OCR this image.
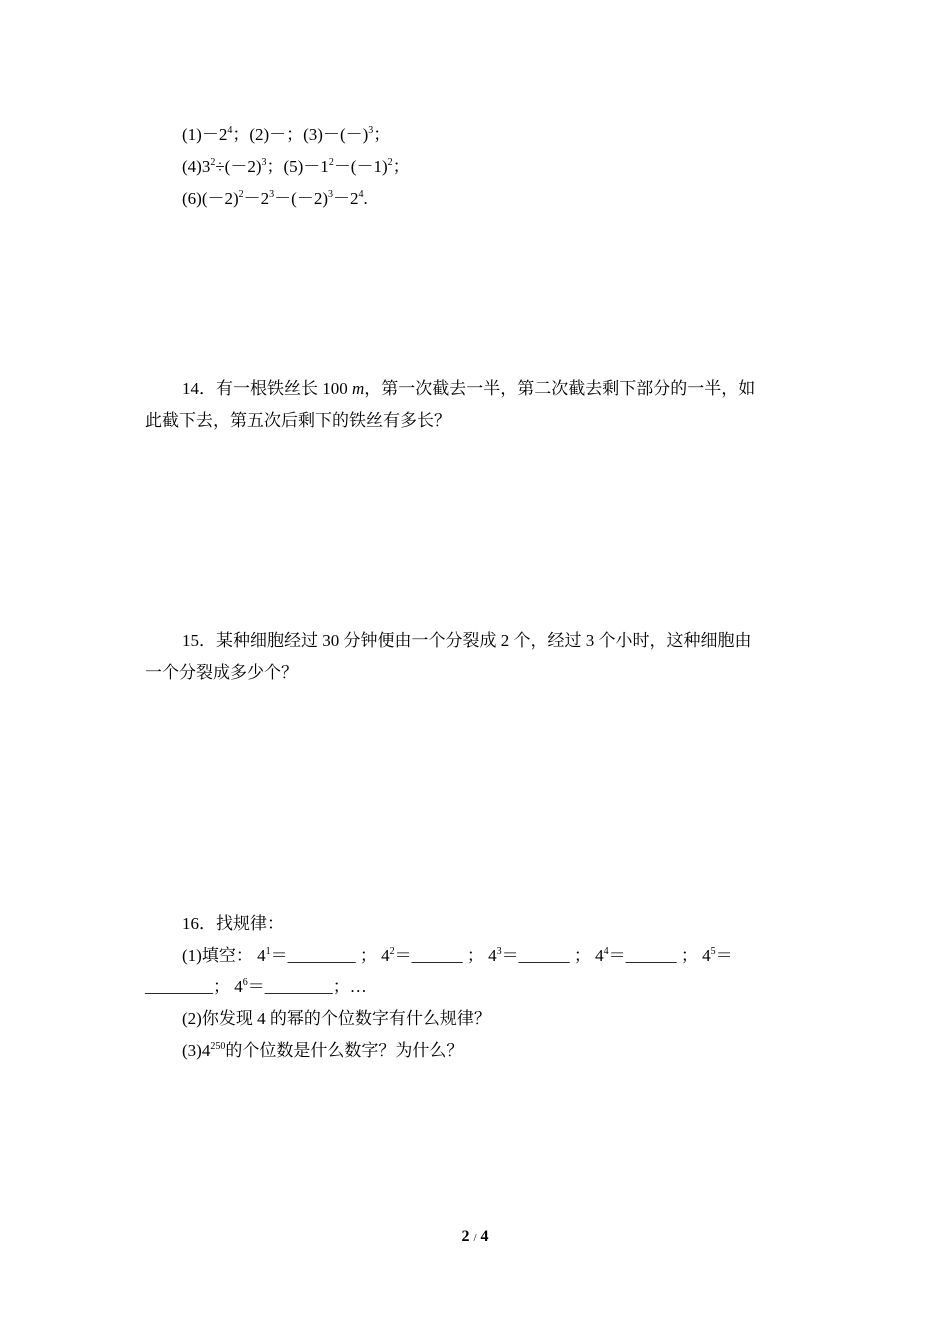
$(1)-2^4$；(2)－；$(3)-(-)^3$；
$(4)3^2\div(-2)^3$；$(5)-1^2-(-1)^2$；
$(6)(-2)^2-2^3-(-2)^3-2^4$.
14．有一根铁丝长 100 m，第一次截去一半，第二次截去剩下部分的一半，如
此截下去，第五次后剩下的铁丝有多长？
15．某种细胞经过 30 分钟便由一个分裂成 2 个，经过 3 个小时，这种细胞由
一个分裂成多少个？
16．找规律：
(1)填空： $4^1=\_\_\_\_\_\_\_\_$ ； $4^2=\_\_\_\_\_\_$ ； $4^3=\_\_\_\_\_\_$ ； $4^4=\_\_\_\_\_\_$ ； $4^5=$
________； $4^6=\_\_\_\_\_\_\_\_$；…
(2)你发现 4 的幂的个位数字有什么规律？
$(3)4^{250}$的个位数是什么数字？为什么？
2 / 4
